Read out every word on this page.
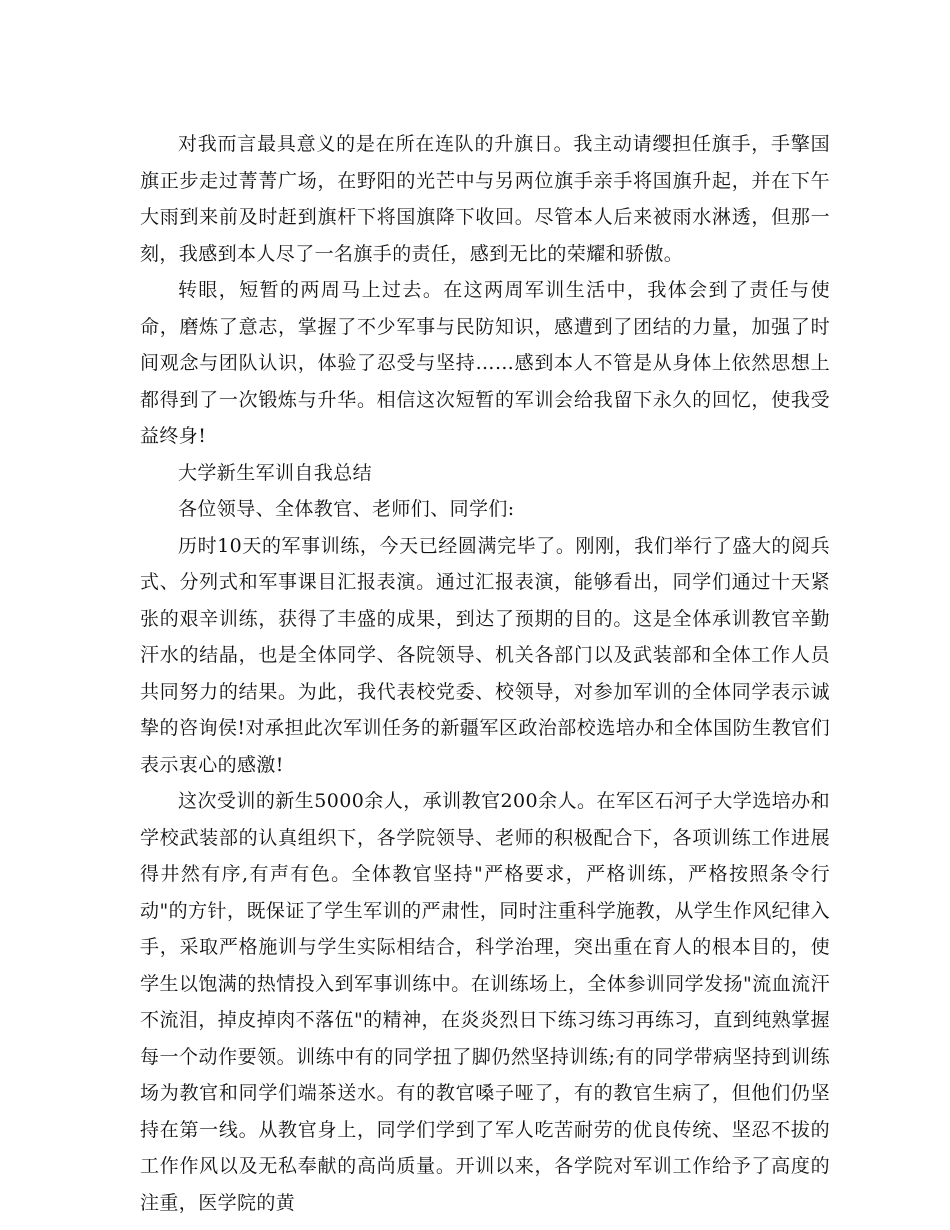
对我而言最具意义的是在所在连队的升旗日。我主动请缨担任旗手，手擎国旗正步走过菁菁广场，在野阳的光芒中与另两位旗手亲手将国旗升起，并在下午大雨到来前及时赶到旗杆下将国旗降下收回。尽管本人后来被雨水淋透，但那一刻，我感到本人尽了一名旗手的责任，感到无比的荣耀和骄傲。

转眼，短暂的两周马上过去。在这两周军训生活中，我体会到了责任与使命，磨炼了意志，掌握了不少军事与民防知识，感遭到了团结的力量，加强了时间观念与团队认识，体验了忍受与坚持……感到本人不管是从身体上依然思想上都得到了一次锻炼与升华。相信这次短暂的军训会给我留下永久的回忆，使我受益终身!

大学新生军训自我总结

各位领导、全体教官、老师们、同学们:

历时10天的军事训练，今天已经圆满完毕了。刚刚，我们举行了盛大的阅兵式、分列式和军事课目汇报表演。通过汇报表演，能够看出，同学们通过十天紧张的艰辛训练，获得了丰盛的成果，到达了预期的目的。这是全体承训教官辛勤汗水的结晶，也是全体同学、各院领导、机关各部门以及武装部和全体工作人员共同努力的结果。为此，我代表校党委、校领导，对参加军训的全体同学表示诚挚的咨询侯!对承担此次军训任务的新疆军区政治部校选培办和全体国防生教官们表示衷心的感激!

这次受训的新生5000余人，承训教官200余人。在军区石河子大学选培办和学校武装部的认真组织下，各学院领导、老师的积极配合下，各项训练工作进展得井然有序,有声有色。全体教官坚持"严格要求，严格训练，严格按照条令行动"的方针，既保证了学生军训的严肃性，同时注重科学施教，从学生作风纪律入手，采取严格施训与学生实际相结合，科学治理，突出重在育人的根本目的，使学生以饱满的热情投入到军事训练中。在训练场上，全体参训同学发扬"流血流汗不流泪，掉皮掉肉不落伍"的精神，在炎炎烈日下练习练习再练习，直到纯熟掌握每一个动作要领。训练中有的同学扭了脚仍然坚持训练;有的同学带病坚持到训练场为教官和同学们端茶送水。有的教官嗓子哑了，有的教官生病了，但他们仍坚持在第一线。从教官身上，同学们学到了军人吃苦耐劳的优良传统、坚忍不拔的工作作风以及无私奉献的高尚质量。开训以来，各学院对军训工作给予了高度的注重，医学院的黄
